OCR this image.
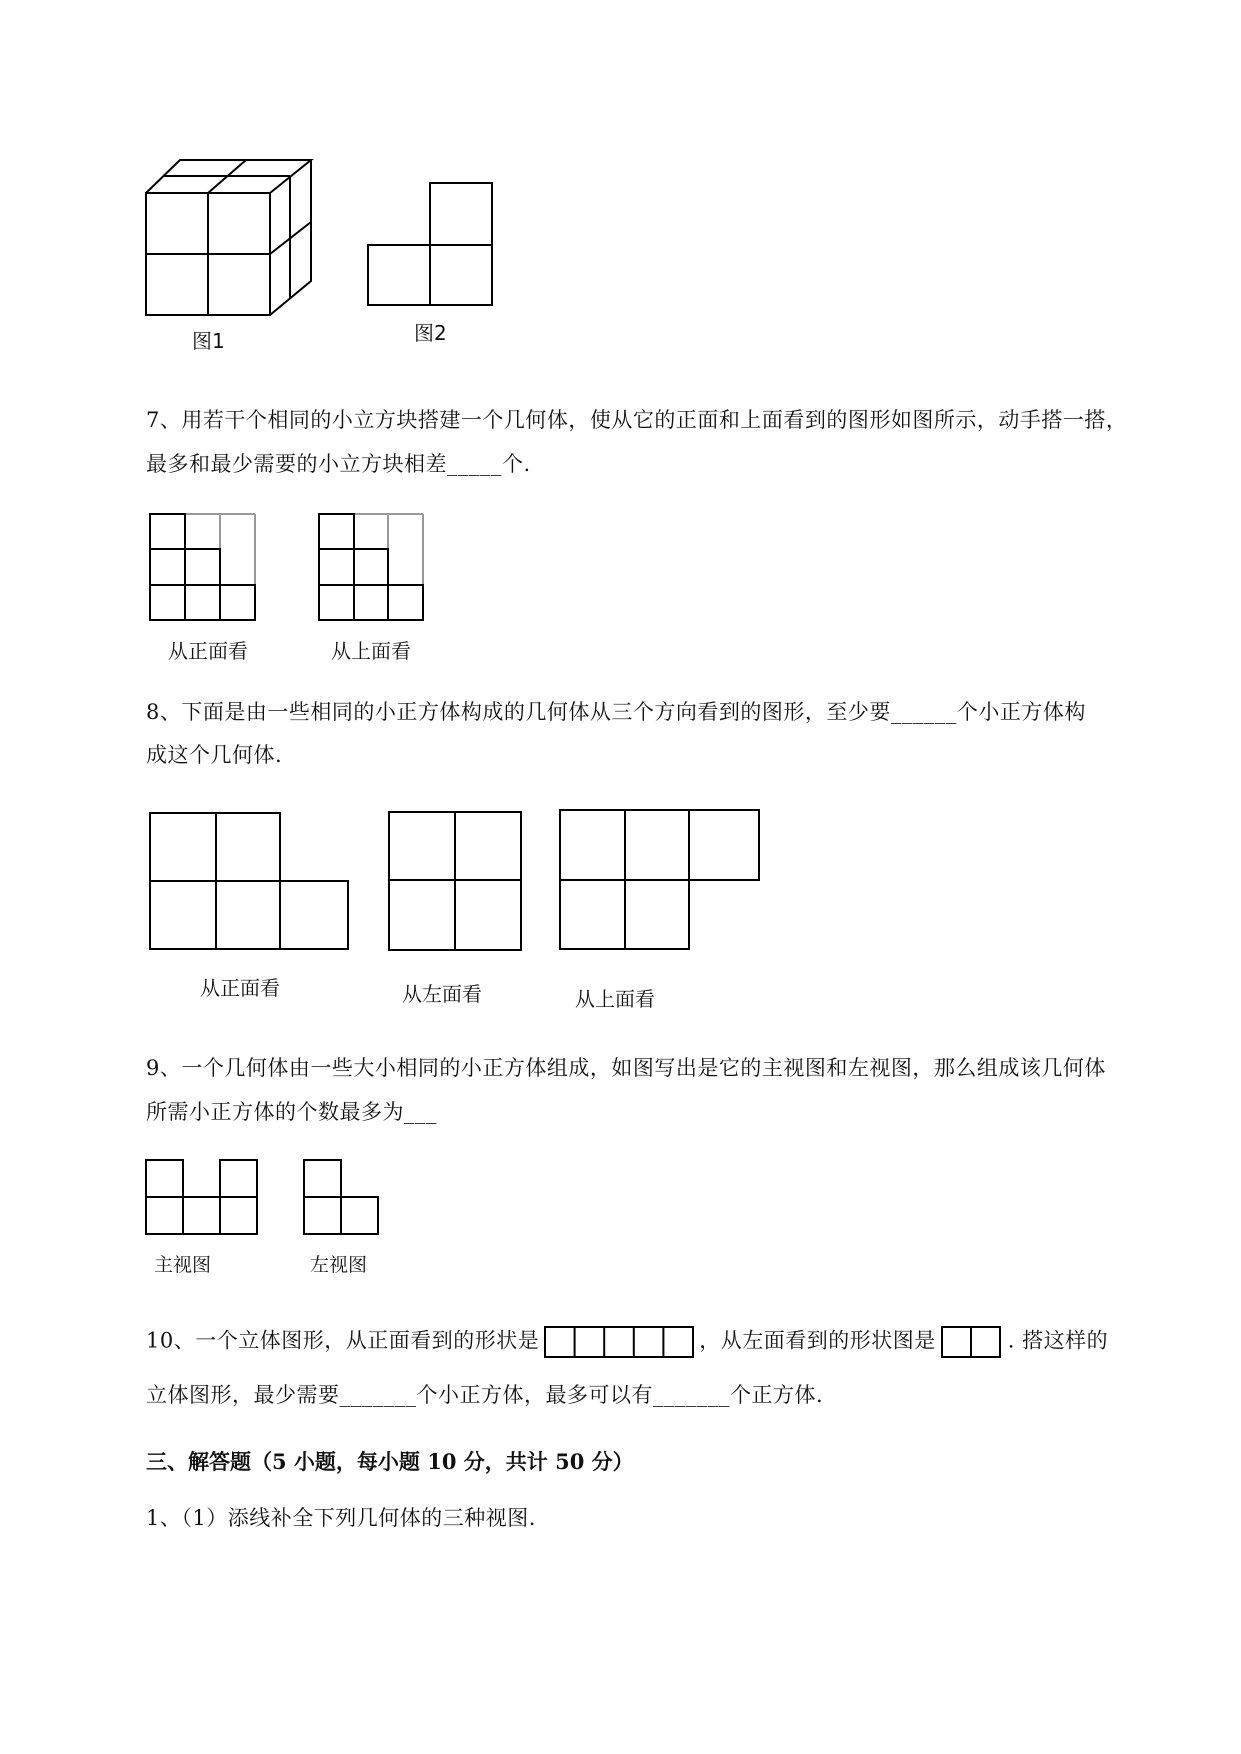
图1	图2
7、用若干个相同的小立方块搭建一个几何体，使从它的正面和上面看到的图形如图所示，动手搭一搭，
最多和最少需要的小立方块相差_____个.
从正面看	从上面看
8、下面是由一些相同的小正方体构成的几何体从三个方向看到的图形，至少要______个小正方体构
成这个几何体.
从正面看	从左面看	从上面看
9、一个几何体由一些大小相同的小正方体组成，如图写出是它的主视图和左视图，那么组成该几何体
所需小正方体的个数最多为___
主视图	左视图
10、一个立体图形，从正面看到的形状是	，从左面看到的形状图是	. 搭这样的
立体图形，最少需要_______个小正方体，最多可以有_______个正方体.
三、解答题（5 小题，每小题 10 分，共计 50 分）
1、（1）添线补全下列几何体的三种视图.
